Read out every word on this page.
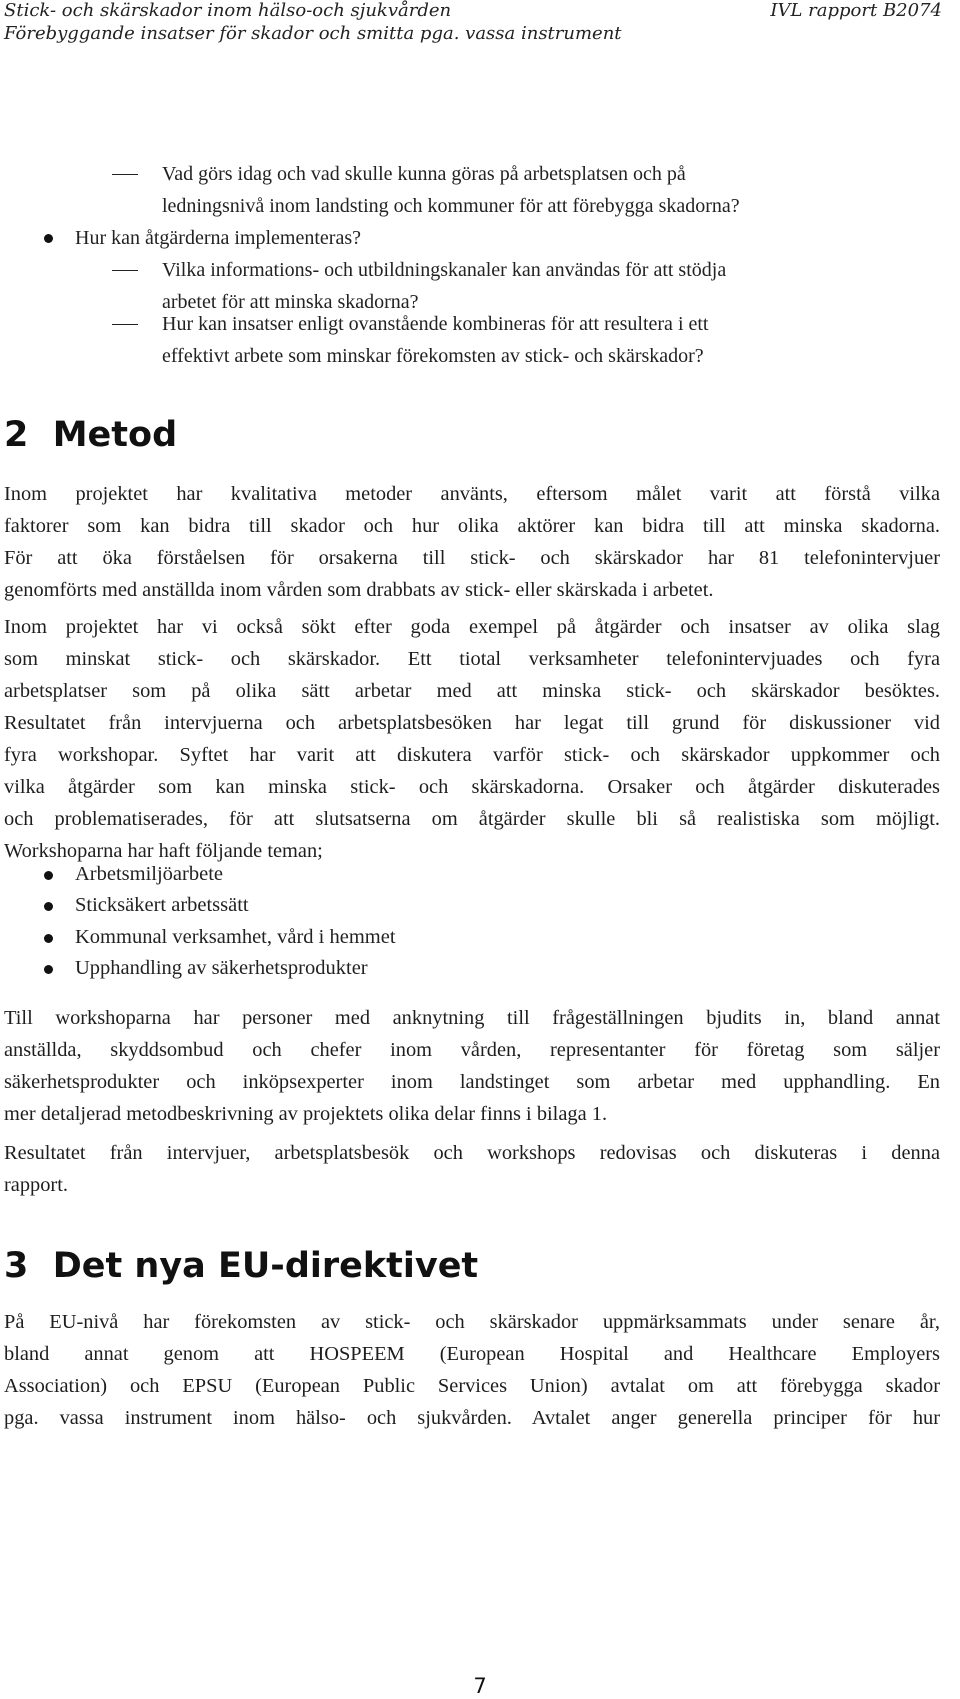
Stick- och skärskador inom hälso-och sjukvården
Förebyggande insatser för skador och smitta pga. vassa instrument
IVL rapport B2074
Vad görs idag och vad skulle kunna göras på arbetsplatsen och på
ledningsnivå inom landsting och kommuner för att förebygga skadorna?
Hur kan åtgärderna implementeras?
Vilka informations- och utbildningskanaler kan användas för att stödja
arbetet för att minska skadorna?
Hur kan insatser enligt ovanstående kombineras för att resultera i ett
effektivt arbete som minskar förekomsten av stick- och skärskador?
2  Metod

Inom projektet har kvalitativa metoder använts, eftersom målet varit att förstå vilka
faktorer som kan bidra till skador och hur olika aktörer kan bidra till att minska skadorna.
För att öka förståelsen för orsakerna till stick- och skärskador har 81 telefonintervjuer
genomförts med anställda inom vården som drabbats av stick- eller skärskada i arbetet.

Inom projektet har vi också sökt efter goda exempel på åtgärder och insatser av olika slag
som minskat stick- och skärskador. Ett tiotal verksamheter telefonintervjuades och fyra
arbetsplatser som på olika sätt arbetar med att minska stick- och skärskador besöktes.
Resultatet från intervjuerna och arbetsplatsbesöken har legat till grund för diskussioner vid
fyra workshopar. Syftet har varit att diskutera varför stick- och skärskador uppkommer och
vilka åtgärder som kan minska stick- och skärskadorna. Orsaker och åtgärder diskuterades
och problematiserades, för att slutsatserna om åtgärder skulle bli så realistiska som möjligt.
Workshoparna har haft följande teman;

Arbetsmiljöarbete
Sticksäkert arbetssätt
Kommunal verksamhet, vård i hemmet
Upphandling av säkerhetsprodukter

Till workshoparna har personer med anknytning till frågeställningen bjudits in, bland annat
anställda, skyddsombud och chefer inom vården, representanter för företag som säljer
säkerhetsprodukter och inköpsexperter inom landstinget som arbetar med upphandling. En
mer detaljerad metodbeskrivning av projektets olika delar finns i bilaga 1.

Resultatet från intervjuer, arbetsplatsbesök och workshops redovisas och diskuteras i denna
rapport.

3  Det nya EU-direktivet

På EU-nivå har förekomsten av stick- och skärskador uppmärksammats under senare år,
bland annat genom att HOSPEEM (European Hospital and Healthcare Employers
Association) och EPSU (European Public Services Union) avtalat om att förebygga skador
pga. vassa instrument inom hälso- och sjukvården. Avtalet anger generella principer för hur

7
